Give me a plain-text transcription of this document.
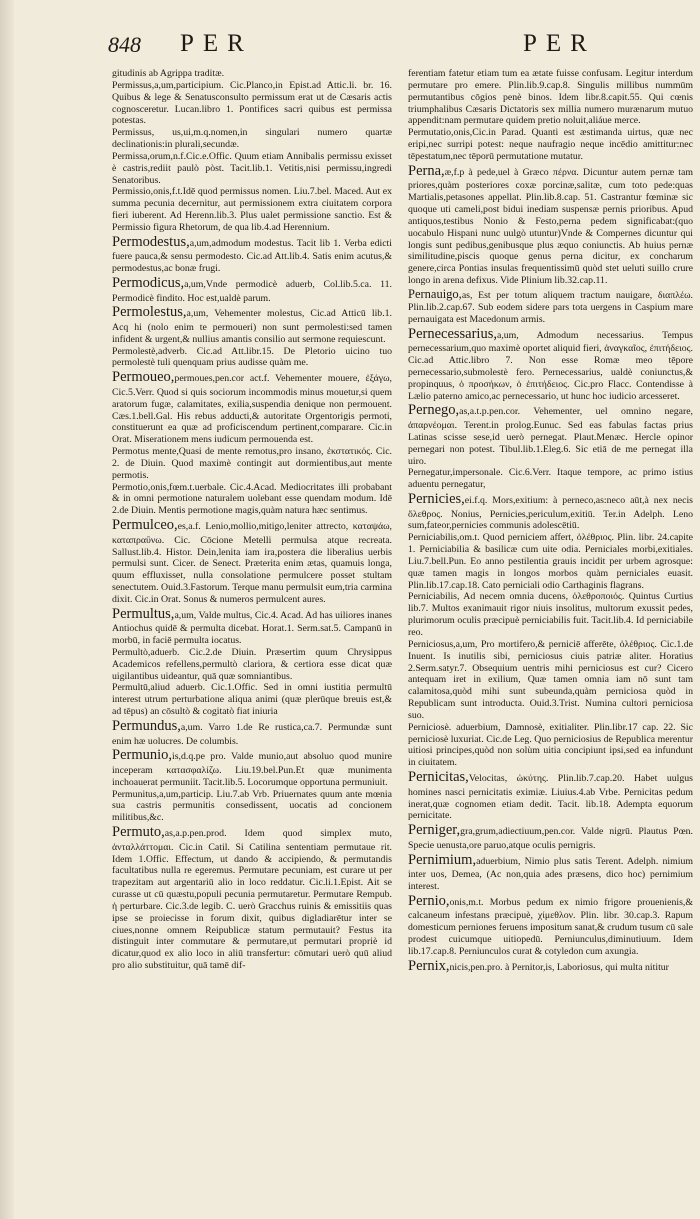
848 PER	PER

gitudinis ab Agrippa traditæ.

Permissus,a,um,participium. Cic.Planco,in Epist.ad Attic.li. br. 16. Quibus & lege & Senatusconsulto permissum erat ut de Cæsaris actis cognosceretur. Lucan.libro 1. Pontifices sacri quibus est permissa potestas.

Permissus, us,ui,m.q.nomen,in singulari numero quartæ declinationis:in plurali,secundæ.

Permissa,orum,n.f.Cic.e.Offic. Quum etiam Annibalis permissu exisset è castris,rediit paulò pòst. Tacit.lib.1. Vetitis,nisi permissu,ingredi Senatoribus.

Permissio,onis,f.t.Idē quod permissus nomen. Liu.7.bel. Maced. Aut ex summa pecunia decernitur, aut permissionem extra ciuitatem corpora fieri iuberent. Ad Herenn.lib.3. Plus ualet permissione sanctio. Est & Permissio figura Rhetorum, de qua lib.4.ad Herennium.

Permodestus,a,um,admodum modestus. Tacit lib 1. Verba edicti fuere pauca,& sensu permodesto. Cic.ad Att.lib.4. Satis enim acutus,& permodestus,ac bonæ frugi.

Permodicus,a,um,Vnde permodicè aduerb, Col.lib.5.ca. 11. Permodicè findito. Hoc est,ualdè parum.

Permolestus,a,um, Vehementer molestus, Cic.ad Atticū lib.1. Acq hi (nolo enim te permoueri) non sunt permolesti:sed tamen infident & urgent,& nullius amantis consilio aut sermone requiescunt.

Permolestè,adverb. Cic.ad Att.libr.15. De Pletorio uicino tuo permolestè tuli quenquam prius audisse quàm me.

Permoueo,permoues,pen.cor act.f. Vehementer mouere, ἐξάγω, Cic.5.Verr. Quod si quis sociorum incommodis minus mouetur,si quem aratorum fugæ, calamitates, exilia,suspendia denique non permouent. Cæs.1.bell.Gal. His rebus adducti,& autoritate Orgentorigis permoti, constituerunt ea quæ ad proficiscendum pertinent,comparare. Cic.in Orat. Miserationem mens iudicum permouenda est.

Permotus mente,Quasi de mente remotus,pro insano, ἐκστατικός. Cic. 2. de Diuin. Quod maximè contingit aut dormientibus,aut mente permotis.

Permotio,onis,fœm.t.uerbale. Cic.4.Acad. Mediocritates illi probabant & in omni permotione naturalem uolebant esse quendam modum. Idē 2.de Diuin. Mentis permotione magis,quàm natura hæc sentimus.

Permulceo,es,a.f. Lenio,mollio,mitigo,leniter attrecto, καταψάω, καταπραΰνω. Cic. Cōcione Metelli permulsa atque recreata. Sallust.lib.4. Histor. Dein,lenita iam ira,postera die liberalius uerbis permulsi sunt. Cicer. de Senect. Præterita enim ætas, quamuis longa, quum effluxisset, nulla consolatione permulcere posset stultam senectutem. Ouid.3.Fastorum. Terque manu permulsit eum,tria carmina dixit. Cic.in Orat. Sonus & numeros permulcent aures.

Permultus,a,um, Valde multus, Cic.4. Acad. Ad has uiliores inanes Antiochus quidē & permulta dicebat. Horat.1. Serm.sat.5. Campanū in morbū, in faciē permulta iocatus.

Permultò,aduerb. Cic.2.de Diuin. Præsertim quum Chrysippus Academicos refellens,permultò clariora, & certiora esse dicat quæ uigilantibus uideantur, quā quæ somniantibus.

Permultū,aliud aduerb. Cic.1.Offic. Sed in omni iustitia permultū interest utrum perturbatione aliqua animi (quæ plerūque breuis est,& ad tēpus) an cōsultò & cogitatò fiat iniuria

Permundus,a,um. Varro 1.de Re rustica,ca.7. Permundæ sunt enim hæ uolucres. De columbis.

Permunio,is,d.q.pe pro. Valde munio,aut absoluo quod munire inceperam κατασφαλίζω. Liu.19.bel.Pun.Et quæ munimenta inchoauerat permuniit. Tacit.lib.5. Locorumque opportuna permuniuit.

Permunitus,a,um,particip. Liu.7.ab Vrb. Priuernates quum ante mœnia sua castris permunitis consedissent, uocatis ad concionem militibus,&c.

Permuto,as,a.p.pen.prod. Idem quod simplex muto, ἀνταλλάττομαι. Cic.in Catil. Si Catilina sententiam permutaue rit. Idem 1.Offic. Effectum, ut dando & accipiendo, & permutandis facultatibus nulla re egeremus. Permutare pecuniam, est curare ut per trapezitam aut argentariū alio in loco reddatur. Cic.li.1.Epist. Ait se curasse ut cū quæstu,populi pecunia permutaretur. Permutare Rempub. ἡ perturbare. Cic.3.de legib. C. uerò Gracchus ruinis & emissitiis quas ipse se proiecisse in forum dixit, quibus digladiarētur inter se ciues,nonne omnem Reipublicæ statum permutauit? Festus ita distinguit inter commutare & permutare,ut permutari propriè id dicatur,quod ex alio loco in aliū transfertur: cōmutari uerò quū aliud pro alio substituitur, quā tamē dif-

ferentiam fatetur etiam tum ea ætate fuisse confusam. Legitur interdum permutare pro emere. Plin.lib.9.cap.8. Singulis millibus nummūm permutantibus cōgios penè binos. Idem libr.8.capit.55. Qui cœnis triumphalibus Cæsaris Dictatoris sex millia numero murænarum mutuo appendit:nam permutare quidem pretio noluit,aliáue merce.

Permutatio,onis,Cic.in Parad. Quanti est æstimanda uirtus, quæ nec eripi,nec surripi potest: neque naufragio neque incēdio amittitur:nec tēpestatum,nec tēporū permutatione mutatur.

Perna,æ,f.p à pede,uel à Græco πέρνα. Dicuntur autem pernæ tam priores,quàm posteriores coxæ porcinæ,salitæ, cum toto pede:quas Martialis,petasones appellat. Plin.lib.8.cap. 51. Castrantur fœminæ sic quoque uti cameli,post bidui inediam suspensæ pernis prioribus. Apud antiquos,testibus Nonio & Festo,perna pedem significabat:(quo uocabulo Hispani nunc uulgò utuntur)Vnde & Compernes dicuntur qui longis sunt pedibus,genibusque plus æquo coniunctis. Ab huius pernæ similitudine,piscis quoque genus perna dicitur, ex concharum genere,circa Pontias insulas frequentissimū quòd stet ueluti suillo crure longo in arena defixus. Vide Plinium lib.32.cap.11.

Pernauigo,as, Est per totum aliquem tractum nauigare, διαπλέω. Plin.lib.2.cap.67. Sub eodem sidere pars tota uergens in Caspium mare pernauigata est Macedonum armis.

Pernecessarius,a,um, Admodum necessarius. Tempus pernecessarium,quo maximè oportet aliquid fieri, ἀναγκαῖος, ἐπιτήδειος. Cic.ad Attic.libro 7. Non esse Romæ meo tēpore pernecessario,submolestè fero. Pernecessarius, ualdè coniunctus,& propinquus, ὁ προσήκων, ὁ ἐπιτήδειος. Cic.pro Flacc. Contendisse à Lælio paterno amico,ac pernecessario, ut hunc hoc iudicio arcesseret.

Pernego,as,a.t.p.pen.cor. Vehementer, uel omnino negare, ἀπαρνέομαι. Terent.in prolog.Eunuc. Sed eas fabulas factas prius Latinas scisse sese,id uerò pernegat. Plaut.Menæc. Hercle opinor pernegari non potest. Tibul.lib.1.Eleg.6. Sic etiā de me pernegat illa uiro.

Pernegatur,impersonale. Cic.6.Verr. Itaque tempore, ac primo istius aduentu pernegatur,

Pernicies,ei.f.q. Mors,exitium: à perneco,as:neco aūt,à nex necis ὄλεθρος. Nonius, Pernicies,periculum,exitiū. Ter.in Adelph. Leno sum,fateor,pernicies communis adolescētiū.

Perniciabilis,om.t. Quod perniciem affert, ὀλέθριος. Plin. libr. 24.capite 1. Perniciabilia & basilicæ cum uite odia. Perniciales morbi,exitiales. Liu.7.bell.Pun. Eo anno pestilentia grauis incidit per urbem agrosque: quæ tamen magis in longos morbos quàm perniciales euasit. Plin.lib.17.cap.18. Cato perniciali odio Carthaginis flagrans.

Perniciabilis, Ad necem omnia ducens, ὀλεθροποιός. Quintus Curtius lib.7. Multos exanimauit rigor niuis insolitus, multorum exussit pedes, plurimorum oculis præcipuè perniciabilis fuit. Tacit.lib.4. Id perniciabile reo.

Perniciosus,a,um, Pro mortifero,& perniciē afferēte, ὀλέθριος. Cic.1.de Inuent. Is inutilis sibi, perniciosus ciuis patriæ aliter. Horatius 2.Serm.satyr.7. Obsequium uentris mihi perniciosus est cur? Cicero antequam iret in exilium, Quæ tamen omnia iam nō sunt tam calamitosa,quòd mihi sunt subeunda,quàm perniciosa quòd in Republicam sunt introducta. Ouid.3.Trist. Numina cultori perniciosa suo.

Perniciosè. aduerbium, Damnosè, exitialiter. Plin.libr.17 cap. 22. Sic perniciosè luxuriat. Cic.de Leg. Quo perniciosius de Republica merentur uitiosi principes,quòd non solùm uitia concipiunt ipsi,sed ea infundunt in ciuitatem.

Pernicitas,Velocitas, ὠκύτης. Plin.lib.7.cap.20. Habet uulgus homines nasci pernicitatis eximiæ. Liuius.4.ab Vrbe. Pernicitas pedum inerat,quæ cognomen etiam dedit. Tacit. lib.18. Adempta equorum pernicitate.

Perniger,gra,grum,adiectiuum,pen.cor. Valde nigrū. Plautus Pœn. Specie uenusta,ore paruo,atque oculis pernigris.

Pernimium,aduerbium, Nimio plus satis Terent. Adelph. nimium inter uos, Demea, (Ac non,quia ades præsens, dico hoc) pernimium interest.

Pernio,onis,m.t. Morbus pedum ex nimio frigore prouenienis,& calcaneum infestans præcipuè, χίμεθλον. Plin. libr. 30.cap.3. Rapum domesticum perniones feruens impositum sanat,& crudum tusum cū sale prodest cuicumque uitiopedū. Perniunculus,diminutiuum. Idem lib.17.cap.8. Perniunculos curat & cotyledon cum axungia.

Pernix,nicis,pen.pro. à Pernitor,is, Laboriosus, qui multa nititur
